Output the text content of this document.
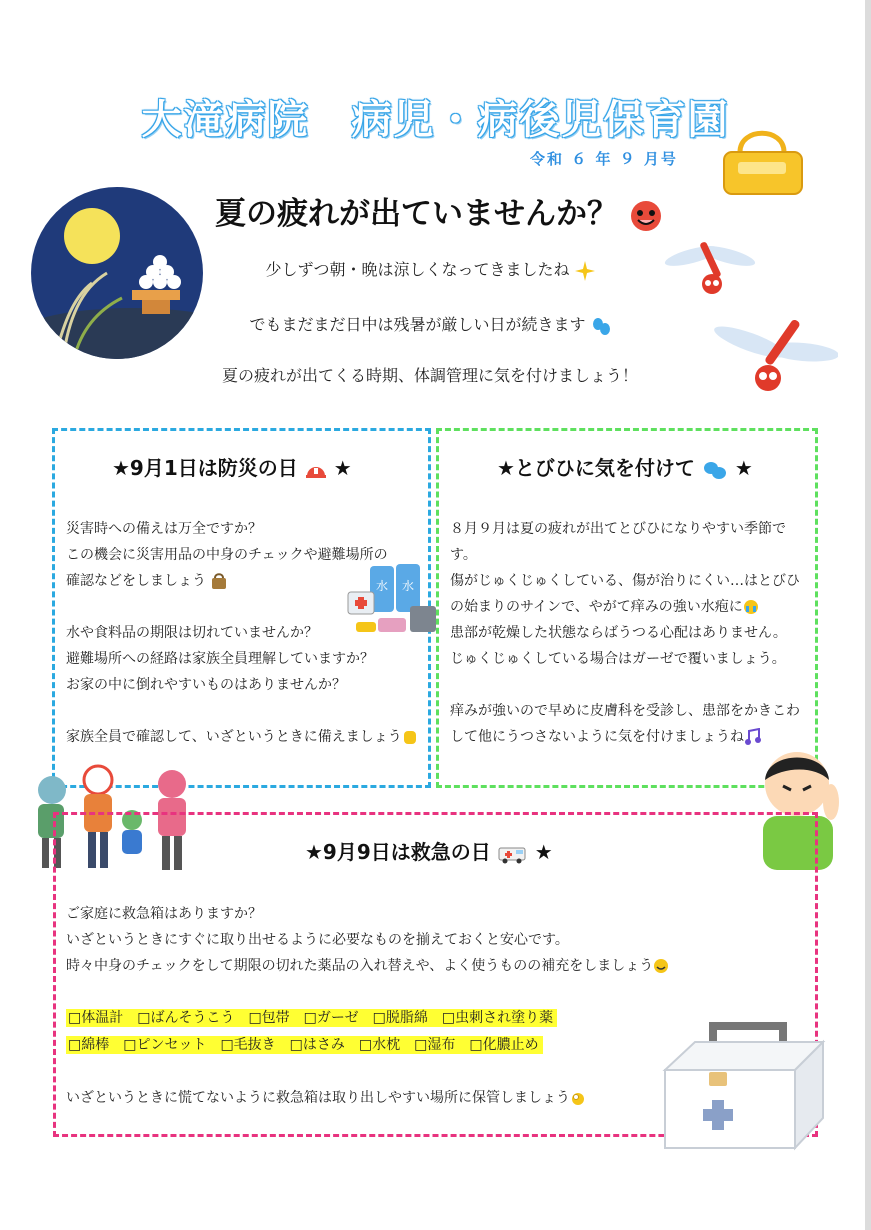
大滝病院　病児・病後児保育園
令和 ６ 年 ９ 月号
夏の疲れが出ていませんか？
少しずつ朝・晩は涼しくなってきましたね
でもまだまだ日中は残暑が厳しい日が続きます
夏の疲れが出てくる時期、体調管理に気を付けましょう！
★9月1日は防災の日 ★
災害時への備えは万全ですか？
この機会に災害用品の中身のチェックや避難場所の
確認などをしましょう
水や食料品の期限は切れていませんか？
避難場所への経路は家族全員理解していますか？
お家の中に倒れやすいものはありませんか？
家族全員で確認して、いざというときに備えましょう
水 水
★とびひに気を付けて ★
８月９月は夏の疲れが出てとびひになりやすい季節です。
傷がじゅくじゅくしている、傷が治りにくい…はとびひの始まりのサインで、やがて痒みの強い水疱に
患部が乾燥した状態ならばうつる心配はありません。
じゅくじゅくしている場合はガーゼで覆いましょう。
痒みが強いので早めに皮膚科を受診し、患部をかきこわして他にうつさないように気を付けましょうね
★9月9日は救急の日 ★
ご家庭に救急箱はありますか？
いざというときにすぐに取り出せるように必要なものを揃えておくと安心です。
時々中身のチェックをして期限の切れた薬品の入れ替えや、よく使うものの補充をしましょう
□体温計　□ばんそうこう　□包帯　□ガーゼ　□脱脂綿　□虫刺され塗り薬
□綿棒　□ピンセット　□毛抜き　□はさみ　□水枕　□湿布　□化膿止め
いざというときに慌てないように救急箱は取り出しやすい場所に保管しましょう
